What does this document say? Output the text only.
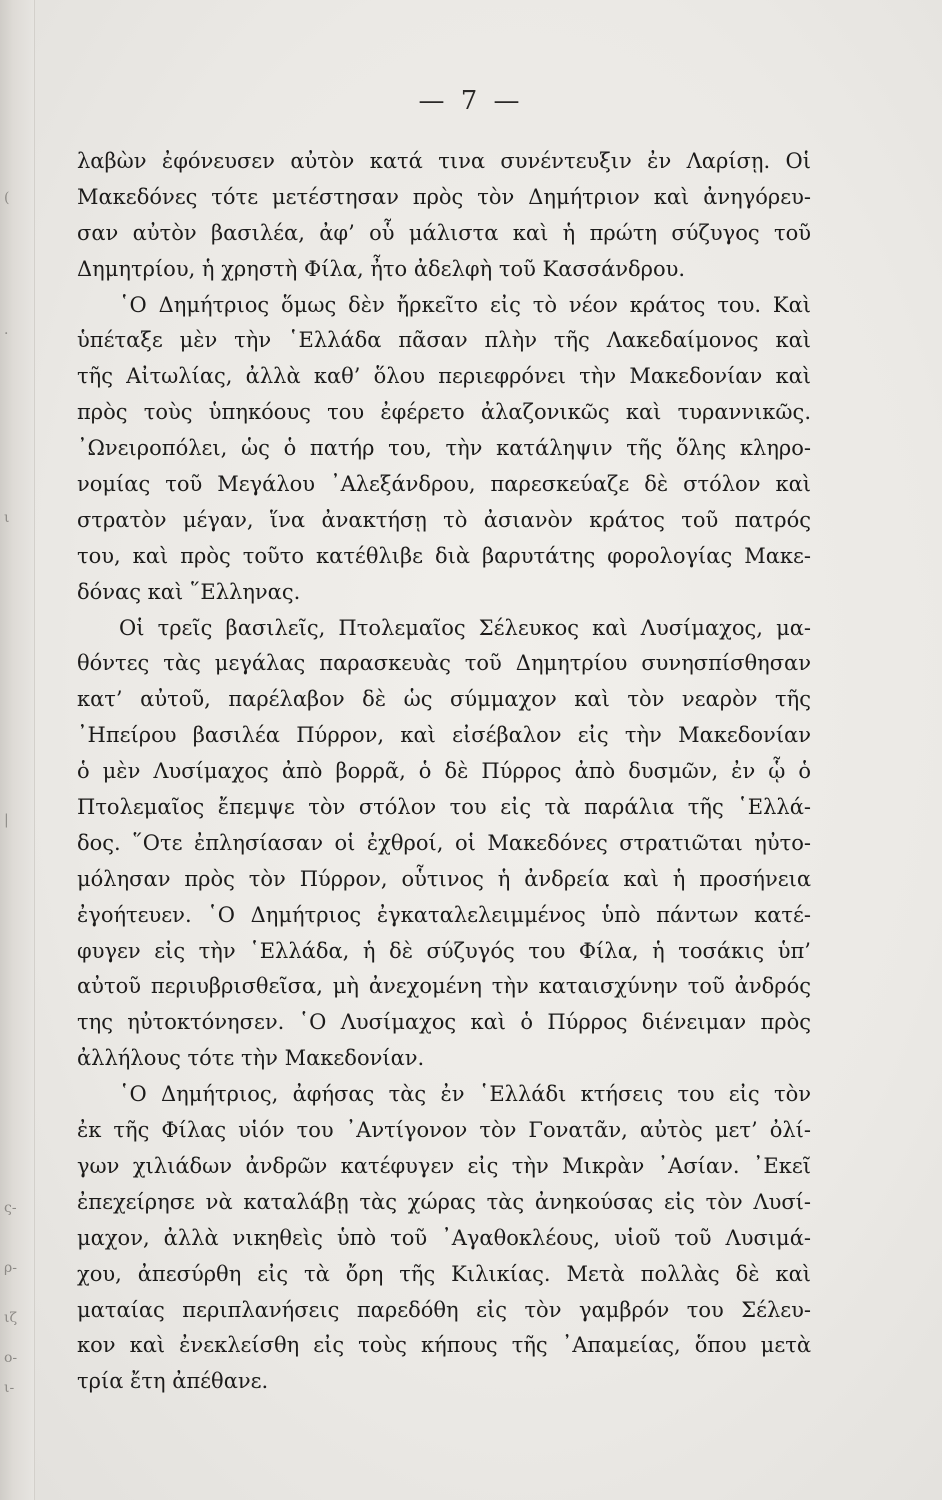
(
·
ι
|
ς-
ρ-
ιζ
ο-
ι-
— 7 —
λαβὼν ἐφόνευσεν αὐτὸν κατά τινα συνέντευξιν ἐν Λαρίσῃ. Οἱ
Μακεδόνες τότε μετέστησαν πρὸς τὸν Δημήτριον καὶ ἀνηγόρευ-
σαν αὐτὸν βασιλέα, ἀφ’ οὗ μάλιστα καὶ ἡ πρώτη σύζυγος τοῦ
Δημητρίου, ἡ χρηστὴ Φίλα, ἦτο ἀδελφὴ τοῦ Κασσάνδρου.
῾Ο Δημήτριος ὅμως δὲν ἤρκεῖτο εἰς τὸ νέον κράτος του. Καὶ
ὑπέταξε μὲν τὴν ῾Ελλάδα πᾶσαν πλὴν τῆς Λακεδαίμονος καὶ
τῆς Αἰτωλίας, ἀλλὰ καθ’ ὅλου περιεφρόνει τὴν Μακεδονίαν καὶ
πρὸς τοὺς ὑπηκόους του ἐφέρετο ἀλαζονικῶς καὶ τυραννικῶς.
᾿Ωνειροπόλει, ὡς ὁ πατήρ του, τὴν κατάληψιν τῆς ὅλης κληρο-
νομίας τοῦ Μεγάλου ᾿Αλεξάνδρου, παρεσκεύαζε δὲ στόλον καὶ
στρατὸν μέγαν, ἵνα ἀνακτήσῃ τὸ ἀσιανὸν κράτος τοῦ πατρός
του, καὶ πρὸς τοῦτο κατέθλιβε διὰ βαρυτάτης φορολογίας Μακε-
δόνας καὶ ῞Ελληνας.
Οἱ τρεῖς βασιλεῖς, Πτολεμαῖος Σέλευκος καὶ Λυσίμαχος, μα-
θόντες τὰς μεγάλας παρασκευὰς τοῦ Δημητρίου συνησπίσθησαν
κατ’ αὐτοῦ, παρέλαβον δὲ ὡς σύμμαχον καὶ τὸν νεαρὸν τῆς
᾿Ηπείρου βασιλέα Πύρρον, καὶ εἰσέβαλον εἰς τὴν Μακεδονίαν
ὁ μὲν Λυσίμαχος ἀπὸ βορρᾶ, ὁ δὲ Πύρρος ἀπὸ δυσμῶν, ἐν ᾧ ὁ
Πτολεμαῖος ἔπεμψε τὸν στόλον του εἰς τὰ παράλια τῆς ῾Ελλά-
δος. ῞Οτε ἐπλησίασαν οἱ ἐχθροί, οἱ Μακεδόνες στρατιῶται ηὐτο-
μόλησαν πρὸς τὸν Πύρρον, οὗτινος ἡ ἀνδρεία καὶ ἡ προσήνεια
ἐγοήτευεν. ῾Ο Δημήτριος ἐγκαταλελειμμένος ὑπὸ πάντων κατέ-
φυγεν εἰς τὴν ῾Ελλάδα, ἡ δὲ σύζυγός του Φίλα, ἡ τοσάκις ὑπ’
αὐτοῦ περιυβρισθεῖσα, μὴ ἀνεχομένη τὴν καταισχύνην τοῦ ἀνδρός
της ηὐτοκτόνησεν. ῾Ο Λυσίμαχος καὶ ὁ Πύρρος διένειμαν πρὸς
ἀλλήλους τότε τὴν Μακεδονίαν.
῾Ο Δημήτριος, ἀφήσας τὰς ἐν ῾Ελλάδι κτήσεις του εἰς τὸν
ἐκ τῆς Φίλας υἱόν του ᾿Αντίγονον τὸν Γονατᾶν, αὐτὸς μετ’ ὀλί-
γων χιλιάδων ἀνδρῶν κατέφυγεν εἰς τὴν Μικρὰν ᾿Ασίαν. ᾿Εκεῖ
ἐπεχείρησε νὰ καταλάβῃ τὰς χώρας τὰς ἀνηκούσας εἰς τὸν Λυσί-
μαχον, ἀλλὰ νικηθεὶς ὑπὸ τοῦ ᾿Αγαθοκλέους, υἱοῦ τοῦ Λυσιμά-
χου, ἀπεσύρθη εἰς τὰ ὄρη τῆς Κιλικίας. Μετὰ πολλὰς δὲ καὶ
ματαίας περιπλανήσεις παρεδόθη εἰς τὸν γαμβρόν του Σέλευ-
κον καὶ ἐνεκλείσθη εἰς τοὺς κήπους τῆς ᾿Απαμείας, ὅπου μετὰ
τρία ἔτη ἀπέθανε.
